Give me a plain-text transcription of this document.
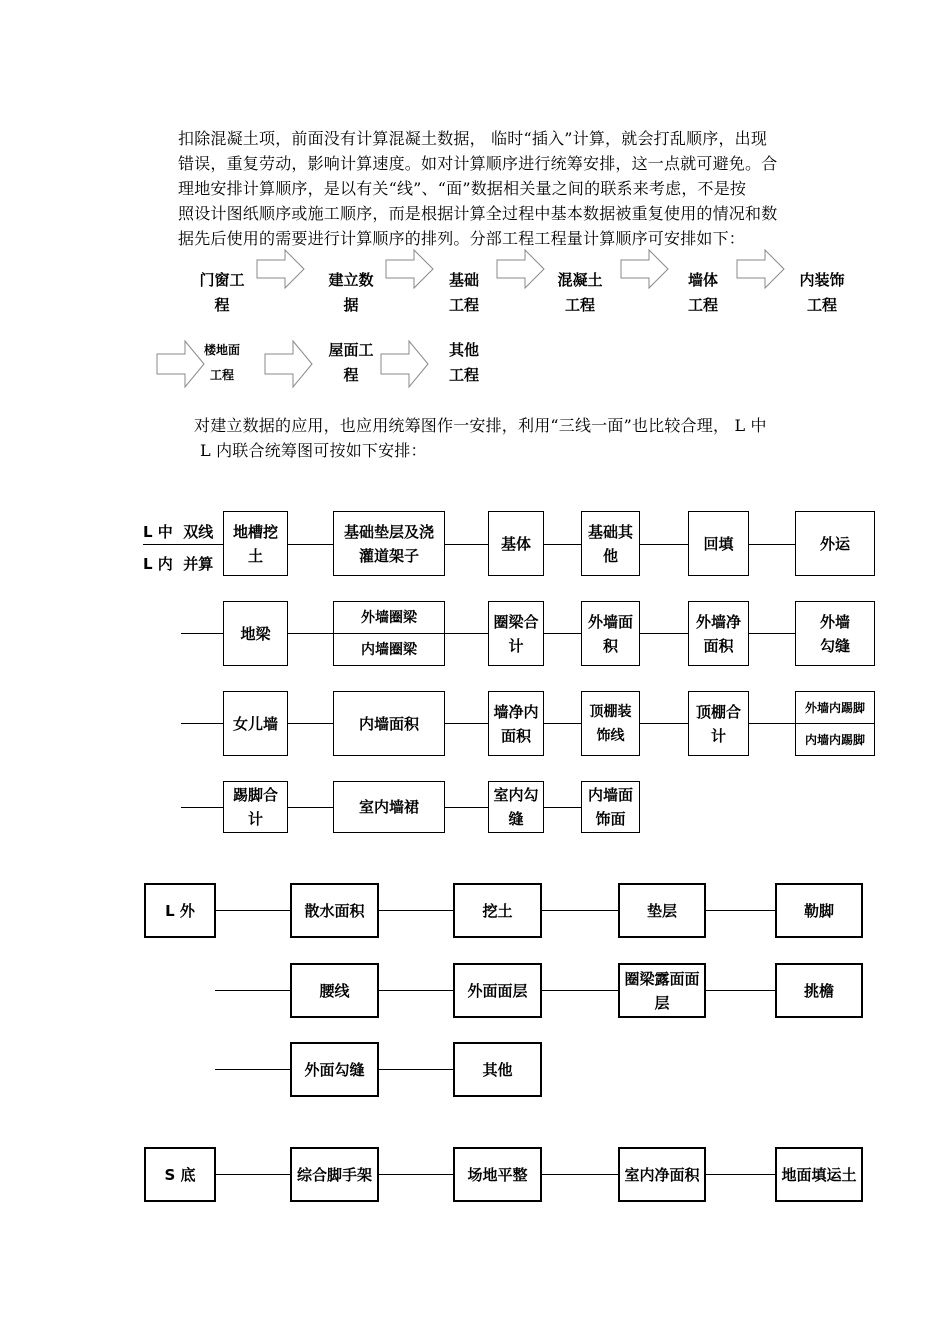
扣除混凝土项，前面没有计算混凝土数据， 临时“插入”计算，就会打乱顺序，出现
错误，重复劳动，影响计算速度。如对计算顺序进行统筹安排，这一点就可避免。合
理地安排计算顺序，是以有关“线”、“面”数据相关量之间的联系来考虑，不是按
照设计图纸顺序或施工顺序，而是根据计算全过程中基本数据被重复使用的情况和数
据先后使用的需要进行计算顺序的排列。分部工程工程量计算顺序可安排如下：
门窗工
程
建立数
据
基础
工程
混凝土
工程
墙体
工程
内装饰
工程
楼地面
工程
屋面工
程
其他
工程
对建立数据的应用，也应用统筹图作一安排，利用“三线一面”也比较合理， L 中
L 内联合统筹图可按如下安排：
L 中  双线
L 内  并算
地槽挖
土
基础垫层及浇
灌道架子
基体
基础其
他
回填	外运
地梁
外墙圈梁
内墙圈梁
圈梁合
计
外墙面
积
外墙净
面积
外墙
勾缝
女儿墙	内墙面积
墙净内
面积
顶棚装
饰线
顶棚合
计
外墙内踢脚
内墙内踢脚
踢脚合
计
室内墙裙
室内勾
缝
内墙面
饰面
L 外	散水面积	挖土	垫层	勒脚
腰线	外面面层
圈梁露面面
层
挑檐
外面勾缝	其他
S 底	综合脚手架	场地平整	室内净面积	地面填运土
